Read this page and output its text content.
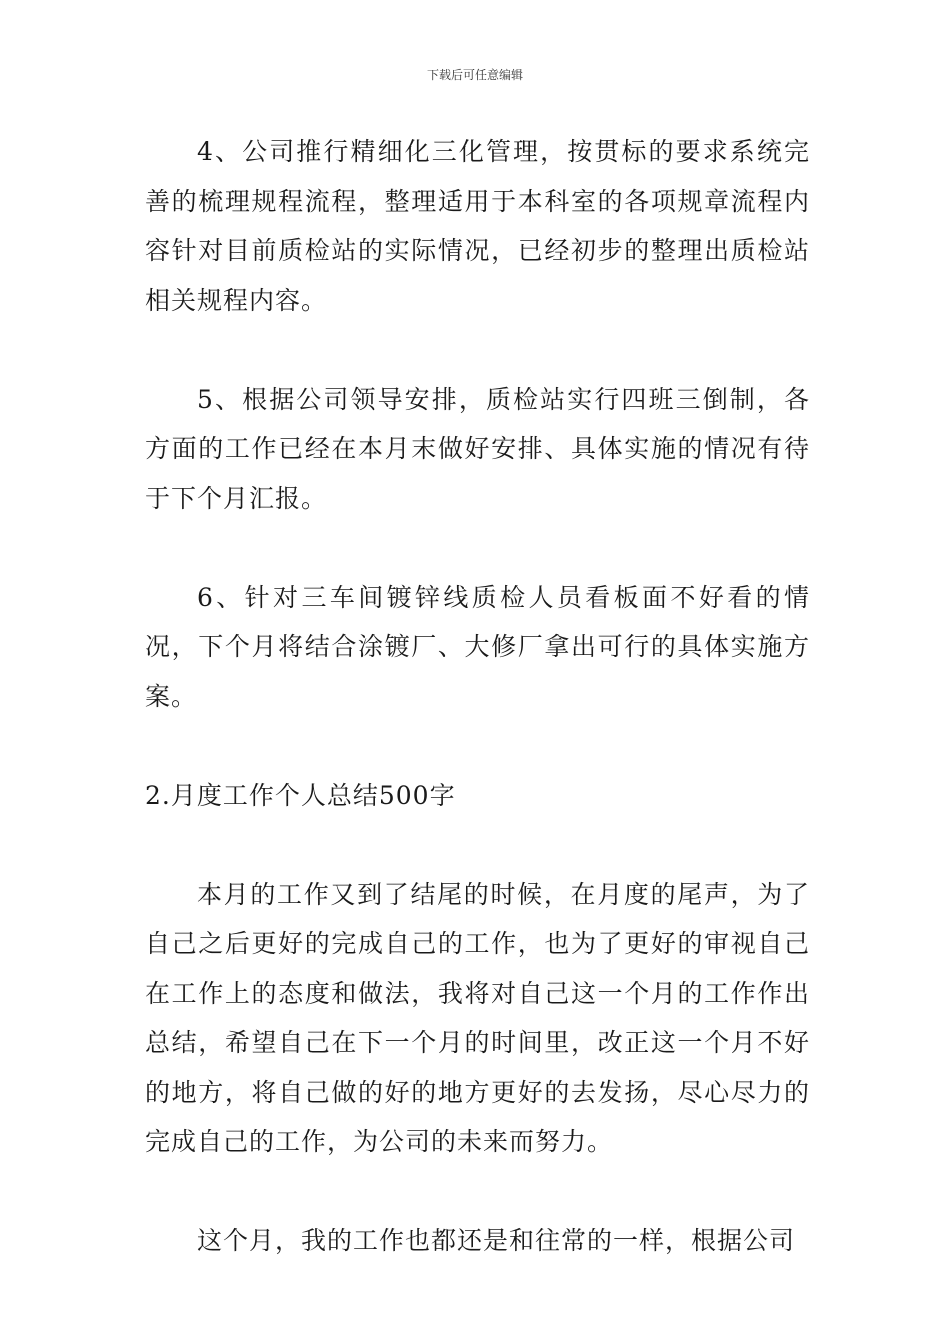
下载后可任意编辑

4、公司推行精细化三化管理，按贯标的要求系统完善的梳理规程流程，整理适用于本科室的各项规章流程内容针对目前质检站的实际情况，已经初步的整理出质检站相关规程内容。

5、根据公司领导安排，质检站实行四班三倒制，各方面的工作已经在本月末做好安排、具体实施的情况有待于下个月汇报。

6、针对三车间镀锌线质检人员看板面不好看的情况，下个月将结合涂镀厂、大修厂拿出可行的具体实施方案。

2.月度工作个人总结500字

本月的工作又到了结尾的时候，在月度的尾声，为了自己之后更好的完成自己的工作，也为了更好的审视自己在工作上的态度和做法，我将对自己这一个月的工作作出总结，希望自己在下一个月的时间里，改正这一个月不好的地方，将自己做的好的地方更好的去发扬，尽心尽力的完成自己的工作，为公司的未来而努力。

这个月，我的工作也都还是和往常的一样，根据公司
